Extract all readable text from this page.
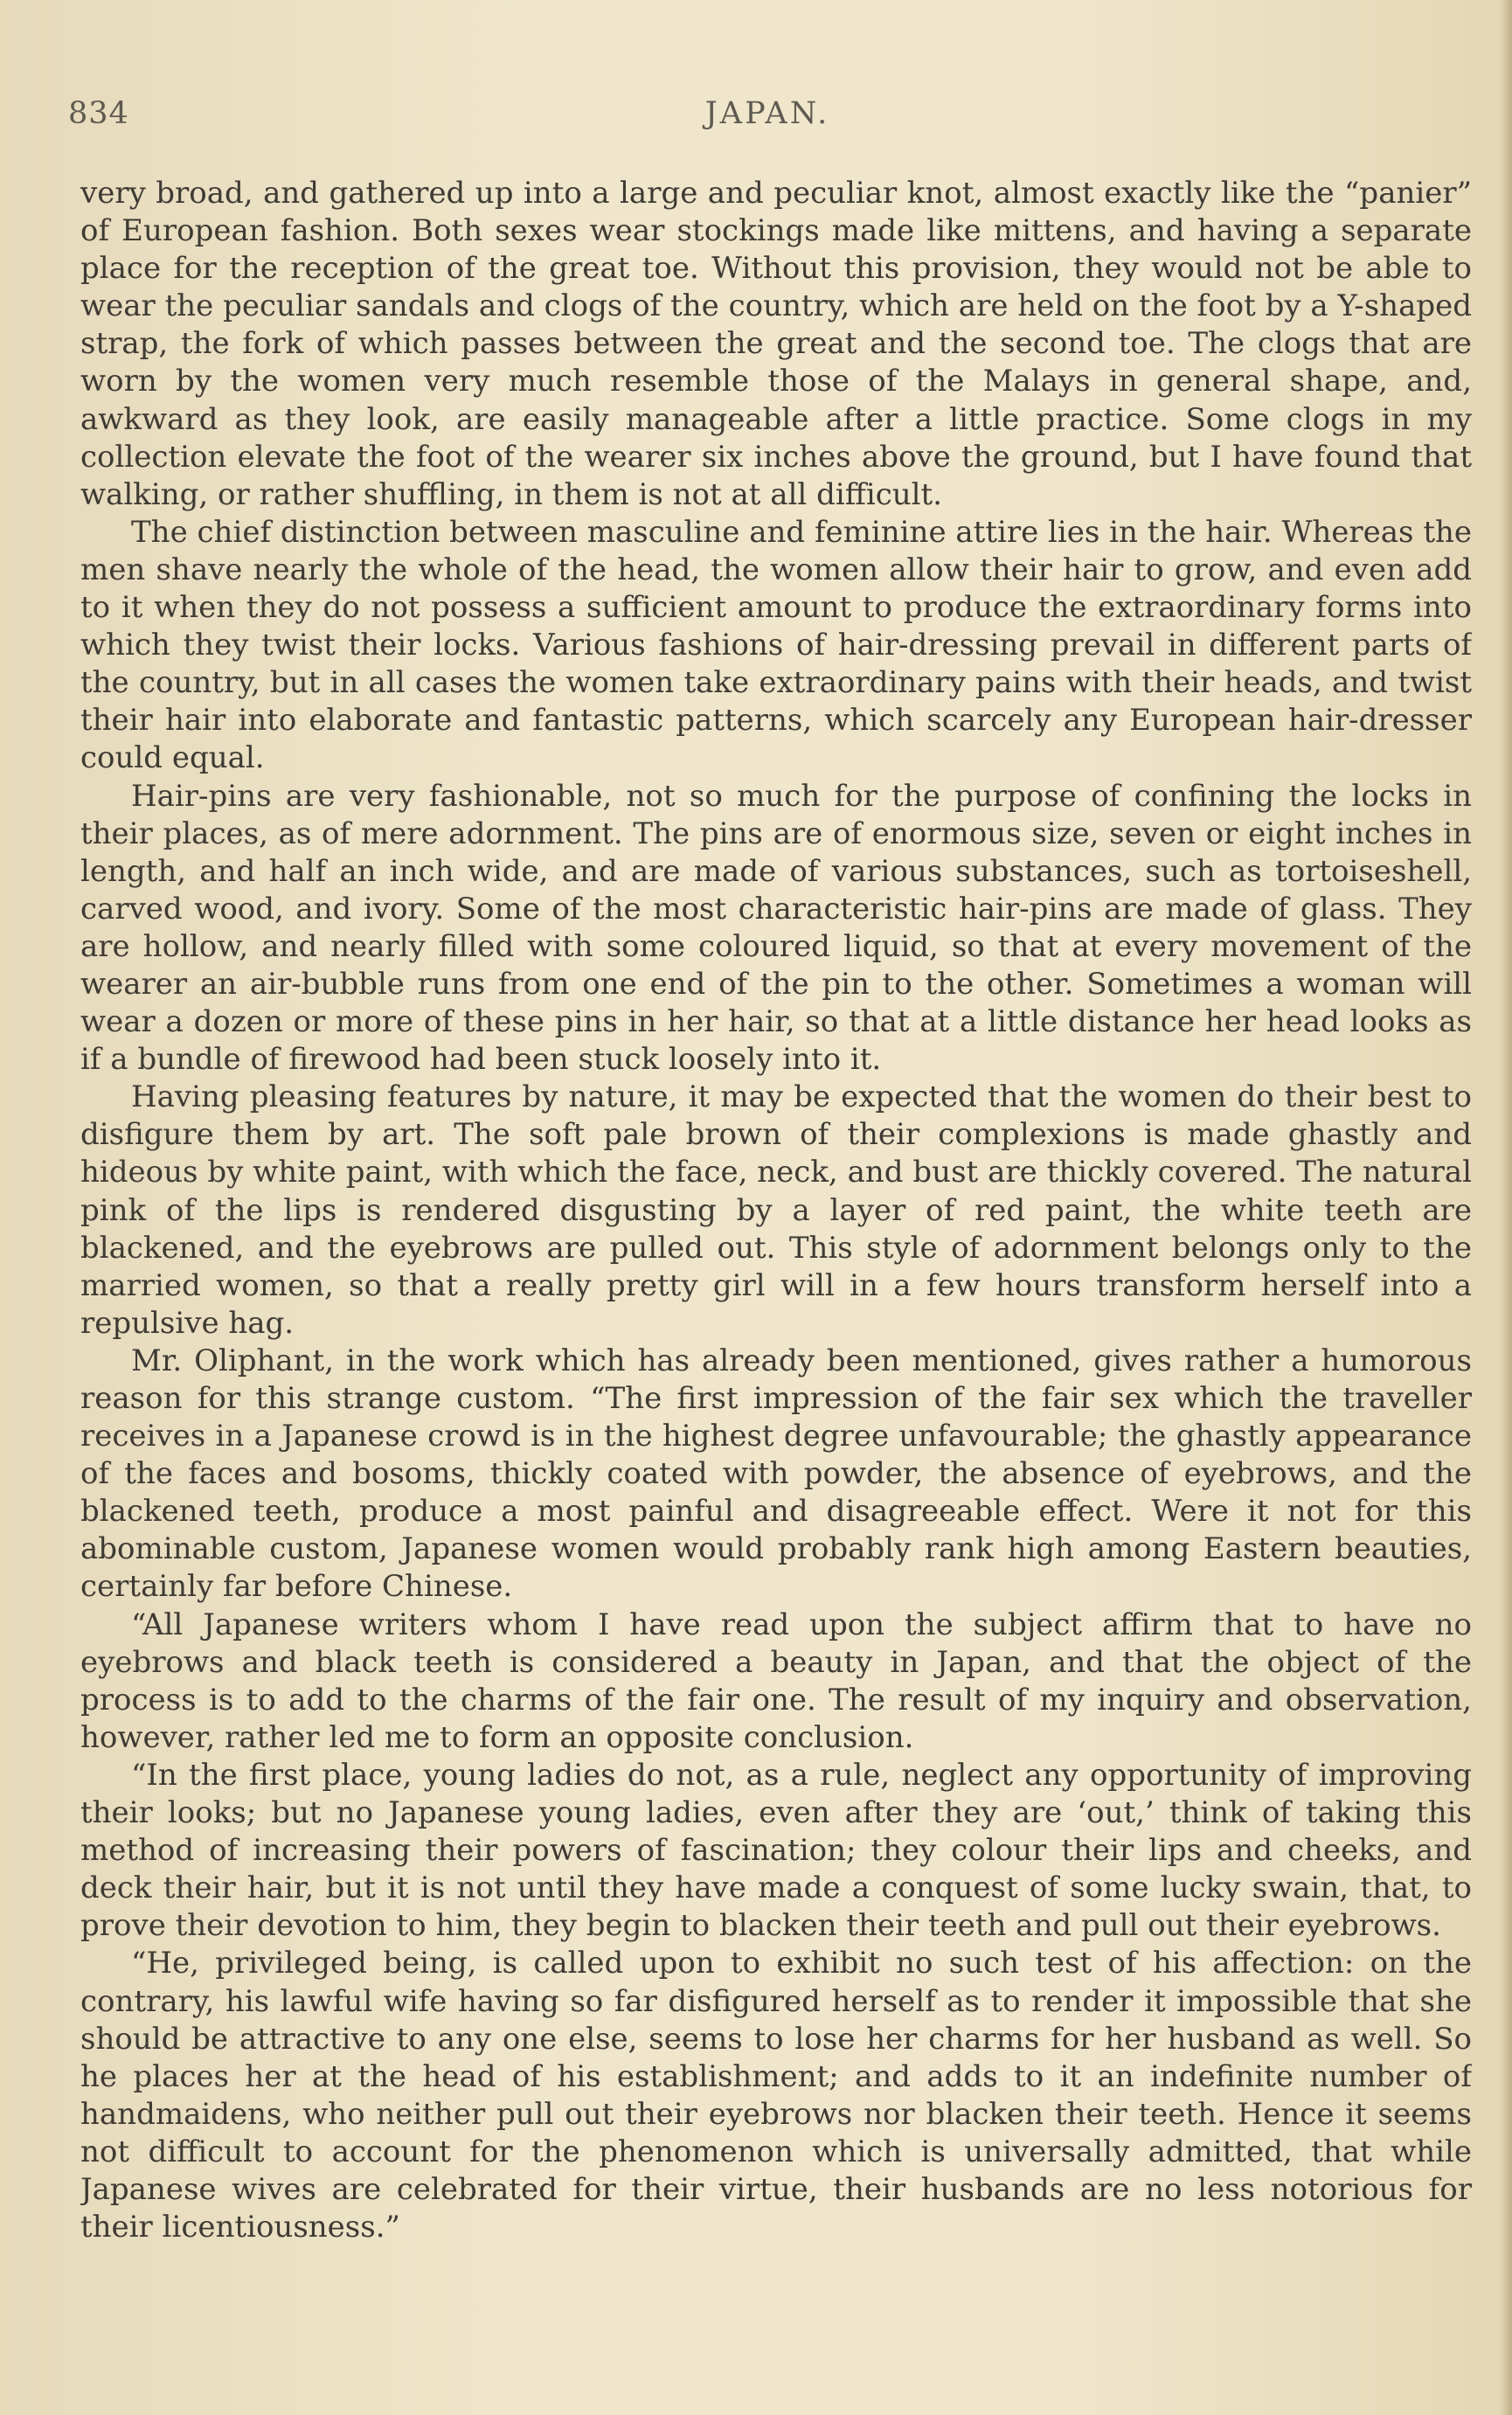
834	JAPAN.

very broad, and gathered up into a large and peculiar knot, almost exactly like the “panier” of European fashion. Both sexes wear stockings made like mittens, and having a separate place for the reception of the great toe. Without this provision, they would not be able to wear the peculiar sandals and clogs of the country, which are held on the foot by a Y-shaped strap, the fork of which passes between the great and the second toe. The clogs that are worn by the women very much resemble those of the Malays in general shape, and, awkward as they look, are easily manageable after a little practice. Some clogs in my collection elevate the foot of the wearer six inches above the ground, but I have found that walking, or rather shuffling, in them is not at all difficult.

The chief distinction between masculine and feminine attire lies in the hair. Whereas the men shave nearly the whole of the head, the women allow their hair to grow, and even add to it when they do not possess a sufficient amount to produce the extraordinary forms into which they twist their locks. Various fashions of hair-dressing prevail in different parts of the country, but in all cases the women take extraordinary pains with their heads, and twist their hair into elaborate and fantastic patterns, which scarcely any European hair-dresser could equal.

Hair-pins are very fashionable, not so much for the purpose of confining the locks in their places, as of mere adornment. The pins are of enormous size, seven or eight inches in length, and half an inch wide, and are made of various substances, such as tortoiseshell, carved wood, and ivory. Some of the most characteristic hair-pins are made of glass. They are hollow, and nearly filled with some coloured liquid, so that at every movement of the wearer an air-bubble runs from one end of the pin to the other. Sometimes a woman will wear a dozen or more of these pins in her hair, so that at a little distance her head looks as if a bundle of firewood had been stuck loosely into it.

Having pleasing features by nature, it may be expected that the women do their best to disfigure them by art. The soft pale brown of their complexions is made ghastly and hideous by white paint, with which the face, neck, and bust are thickly covered. The natural pink of the lips is rendered disgusting by a layer of red paint, the white teeth are blackened, and the eyebrows are pulled out. This style of adornment belongs only to the married women, so that a really pretty girl will in a few hours transform herself into a repulsive hag.

Mr. Oliphant, in the work which has already been mentioned, gives rather a humorous reason for this strange custom. “The first impression of the fair sex which the traveller receives in a Japanese crowd is in the highest degree unfavourable; the ghastly appearance of the faces and bosoms, thickly coated with powder, the absence of eyebrows, and the blackened teeth, produce a most painful and disagreeable effect. Were it not for this abominable custom, Japanese women would probably rank high among Eastern beauties, certainly far before Chinese.

“All Japanese writers whom I have read upon the subject affirm that to have no eyebrows and black teeth is considered a beauty in Japan, and that the object of the process is to add to the charms of the fair one. The result of my inquiry and observation, however, rather led me to form an opposite conclusion.

“In the first place, young ladies do not, as a rule, neglect any opportunity of improving their looks; but no Japanese young ladies, even after they are ‘out,’ think of taking this method of increasing their powers of fascination; they colour their lips and cheeks, and deck their hair, but it is not until they have made a conquest of some lucky swain, that, to prove their devotion to him, they begin to blacken their teeth and pull out their eyebrows.

“He, privileged being, is called upon to exhibit no such test of his affection: on the contrary, his lawful wife having so far disfigured herself as to render it impossible that she should be attractive to any one else, seems to lose her charms for her husband as well. So he places her at the head of his establishment; and adds to it an indefinite number of handmaidens, who neither pull out their eyebrows nor blacken their teeth. Hence it seems not difficult to account for the phenomenon which is universally admitted, that while Japanese wives are celebrated for their virtue, their husbands are no less notorious for their licentiousness.”
